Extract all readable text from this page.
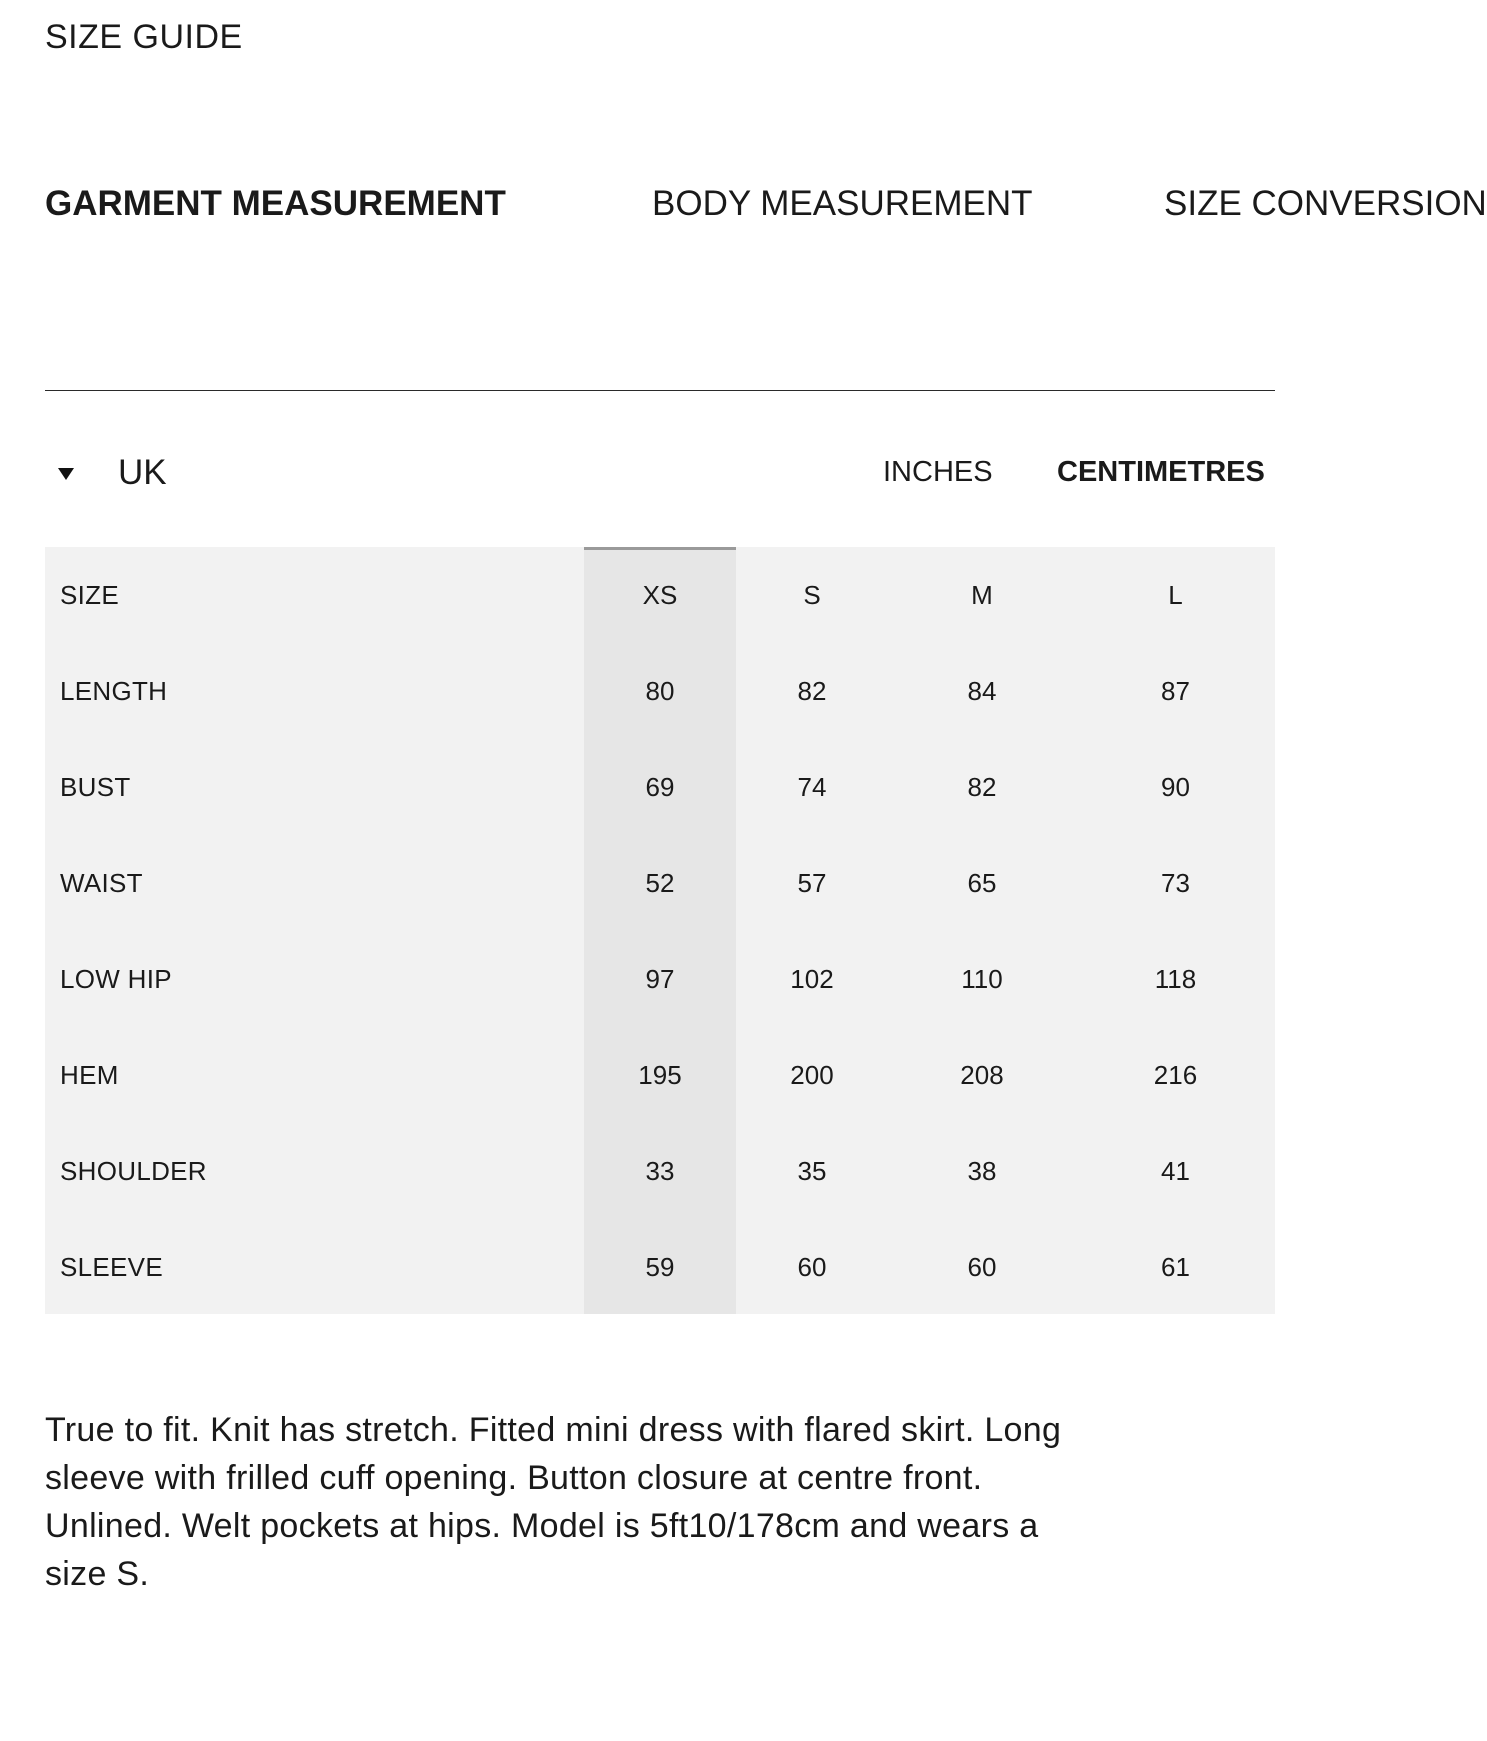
SIZE GUIDE
GARMENT MEASUREMENT	BODY MEASUREMENT	SIZE CONVERSION
UK	INCHES CENTIMETRES
SIZE	XS	S	M	L
LENGTH	80	82	84	87
BUST	69	74	82	90
WAIST	52	57	65	73
LOW HIP	97	102	110	118
HEM	195	200	208	216
SHOULDER	33	35	38	41
SLEEVE	59	60	60	61

True to fit. Knit has stretch. Fitted mini dress with flared skirt. Long sleeve with frilled cuff opening. Button closure at centre front. Unlined. Welt pockets at hips. Model is 5ft10/178cm and wears a size S.
